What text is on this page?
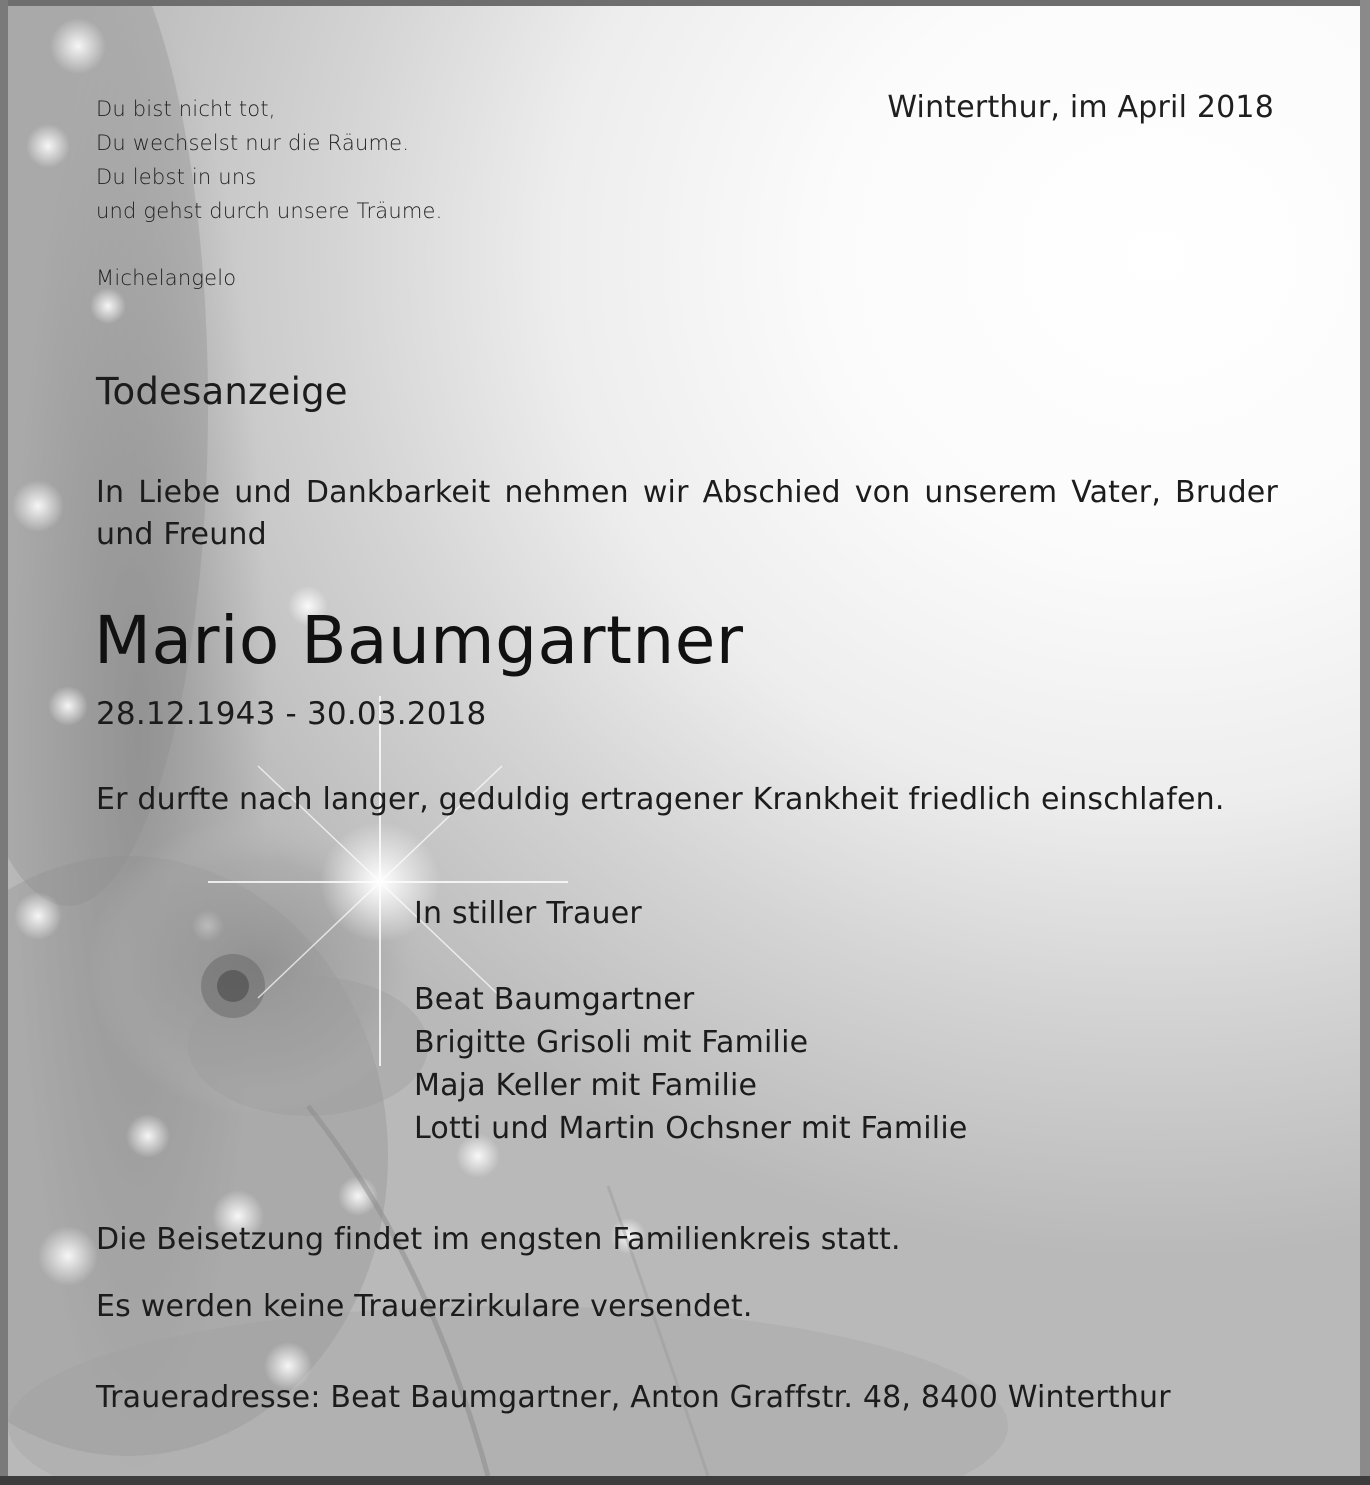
Du bist nicht tot,
Du wechselst nur die Räume.
Du lebst in uns
und gehst durch unsere Träume.
Michelangelo
Winterthur, im April 2018
Todesanzeige
In Liebe und Dankbarkeit nehmen wir Abschied von unserem Vater, Bruder und Freund
Mario Baumgartner
28.12.1943 - 30.03.2018
Er durfte nach langer, geduldig ertragener Krankheit friedlich einschlafen.
In stiller Trauer
Beat Baumgartner
Brigitte Grisoli mit Familie
Maja Keller mit Familie
Lotti und Martin Ochsner mit Familie
Die Beisetzung findet im engsten Familienkreis statt.
Es werden keine Trauerzirkulare versendet.
Traueradresse: Beat Baumgartner, Anton Graffstr. 48, 8400 Winterthur
